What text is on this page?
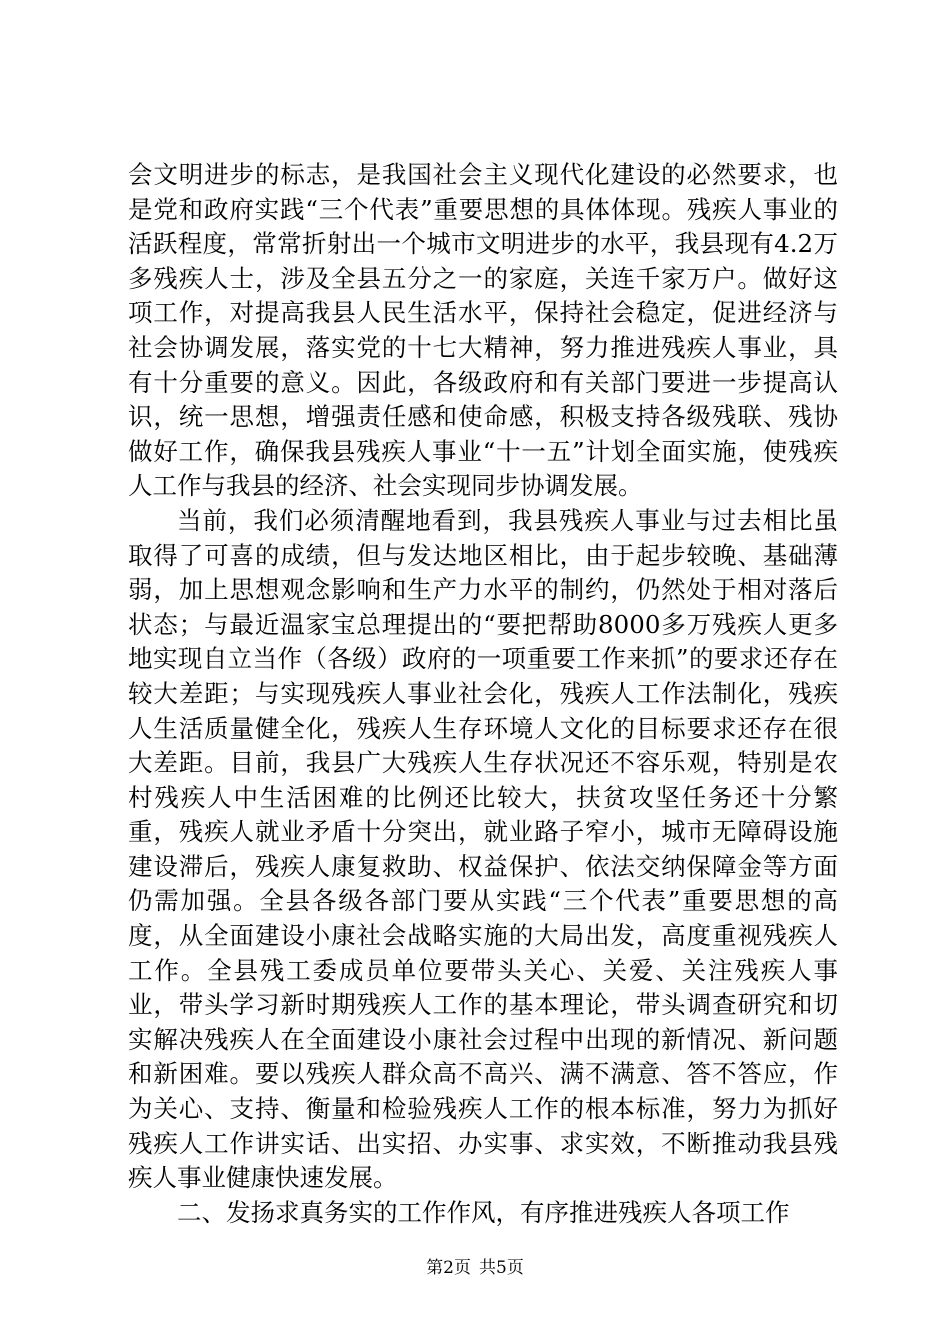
会文明进步的标志，是我国社会主义现代化建设的必然要求，也是党和政府实践“三个代表”重要思想的具体体现。残疾人事业的活跃程度，常常折射出一个城市文明进步的水平，我县现有4.2万多残疾人士，涉及全县五分之一的家庭，关连千家万户。做好这项工作，对提高我县人民生活水平，保持社会稳定，促进经济与社会协调发展，落实党的十七大精神，努力推进残疾人事业，具有十分重要的意义。因此，各级政府和有关部门要进一步提高认识，统一思想，增强责任感和使命感，积极支持各级残联、残协做好工作，确保我县残疾人事业“十一五”计划全面实施，使残疾人工作与我县的经济、社会实现同步协调发展。

当前，我们必须清醒地看到，我县残疾人事业与过去相比虽取得了可喜的成绩，但与发达地区相比，由于起步较晚、基础薄弱，加上思想观念影响和生产力水平的制约，仍然处于相对落后状态；与最近温家宝总理提出的“要把帮助8000多万残疾人更多地实现自立当作（各级）政府的一项重要工作来抓”的要求还存在较大差距；与实现残疾人事业社会化，残疾人工作法制化，残疾人生活质量健全化，残疾人生存环境人文化的目标要求还存在很大差距。目前，我县广大残疾人生存状况还不容乐观，特别是农村残疾人中生活困难的比例还比较大，扶贫攻坚任务还十分繁重，残疾人就业矛盾十分突出，就业路子窄小，城市无障碍设施建设滞后，残疾人康复救助、权益保护、依法交纳保障金等方面仍需加强。全县各级各部门要从实践“三个代表”重要思想的高度，从全面建设小康社会战略实施的大局出发，高度重视残疾人工作。全县残工委成员单位要带头关心、关爱、关注残疾人事业，带头学习新时期残疾人工作的基本理论，带头调查研究和切实解决残疾人在全面建设小康社会过程中出现的新情况、新问题和新困难。要以残疾人群众高不高兴、满不满意、答不答应，作为关心、支持、衡量和检验残疾人工作的根本标准，努力为抓好残疾人工作讲实话、出实招、办实事、求实效，不断推动我县残疾人事业健康快速发展。

二、发扬求真务实的工作作风，有序推进残疾人各项工作

第2页 共5页
